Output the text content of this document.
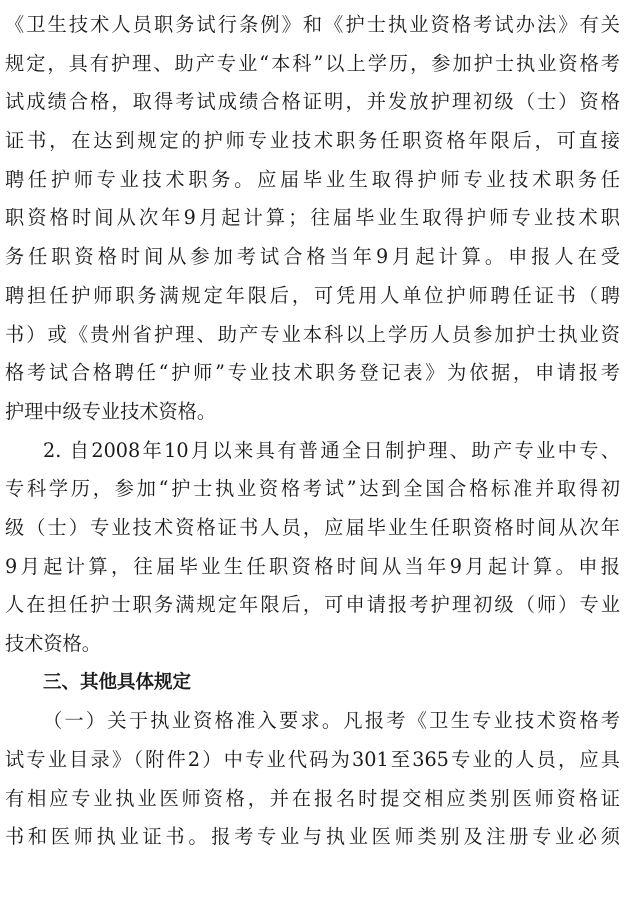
《卫生技术人员职务试行条例》和《护士执业资格考试办法》有关
规定，具有护理、助产专业“本科”以上学历，参加护士执业资格考
试成绩合格，取得考试成绩合格证明，并发放护理初级（士）资格
证书，在达到规定的护师专业技术职务任职资格年限后，可直接
聘任护师专业技术职务。应届毕业生取得护师专业技术职务任
职资格时间从次年9月起计算；往届毕业生取得护师专业技术职
务任职资格时间从参加考试合格当年9月起计算。申报人在受
聘担任护师职务满规定年限后，可凭用人单位护师聘任证书（聘
书）或《贵州省护理、助产专业本科以上学历人员参加护士执业资
格考试合格聘任“护师”专业技术职务登记表》为依据，申请报考
护理中级专业技术资格。
2. 自2008年10月以来具有普通全日制护理、助产专业中专、
专科学历，参加“护士执业资格考试”达到全国合格标准并取得初
级（士）专业技术资格证书人员，应届毕业生任职资格时间从次年
9月起计算，往届毕业生任职资格时间从当年9月起计算。申报
人在担任护士职务满规定年限后，可申请报考护理初级（师）专业
技术资格。
三、其他具体规定
（一）关于执业资格准入要求。凡报考《卫生专业技术资格考
试专业目录》（附件2）中专业代码为301至365专业的人员，应具
有相应专业执业医师资格，并在报名时提交相应类别医师资格证
书和医师执业证书。报考专业与执业医师类别及注册专业必须
